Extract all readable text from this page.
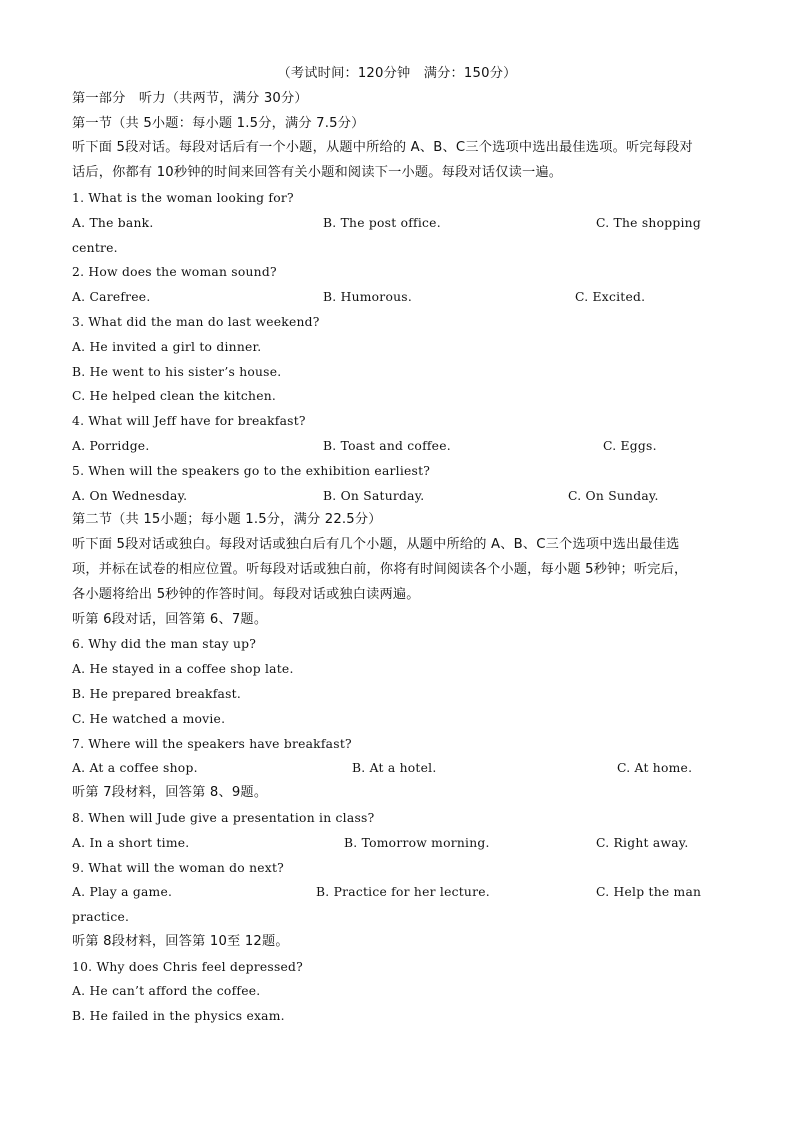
（考试时间：120分钟　满分：150分）
第一部分　听力（共两节，满分 30分）
第一节（共 5小题：每小题 1.5分，满分 7.5分）
听下面 5段对话。每段对话后有一个小题，从题中所给的 A、B、C三个选项中选出最佳选项。听完每段对
话后，你都有 10秒钟的时间来回答有关小题和阅读下一小题。每段对话仅读一遍。
1. What is the woman looking for?
A. The bank.	B. The post office.	C. The shopping
centre.
2. How does the woman sound?
A. Carefree.	B. Humorous.	C. Excited.
3. What did the man do last weekend?
A. He invited a girl to dinner.
B. He went to his sister’s house.
C. He helped clean the kitchen.
4. What will Jeff have for breakfast?
A. Porridge.	B. Toast and coffee.	C. Eggs.
5. When will the speakers go to the exhibition earliest?
A. On Wednesday.	B. On Saturday.	C. On Sunday.
第二节（共 15小题；每小题 1.5分，满分 22.5分）
听下面 5段对话或独白。每段对话或独白后有几个小题，从题中所给的 A、B、C三个选项中选出最佳选
项，并标在试卷的相应位置。听每段对话或独白前，你将有时间阅读各个小题，每小题 5秒钟；听完后，
各小题将给出 5秒钟的作答时间。每段对话或独白读两遍。
听第 6段对话，回答第 6、7题。
6. Why did the man stay up?
A. He stayed in a coffee shop late.
B. He prepared breakfast.
C. He watched a movie.
7. Where will the speakers have breakfast?
A. At a coffee shop.	B. At a hotel.	C. At home.
听第 7段材料，回答第 8、9题。
8. When will Jude give a presentation in class?
A. In a short time.	B. Tomorrow morning.	C. Right away.
9. What will the woman do next?
A. Play a game.	B. Practice for her lecture.	C. Help the man
practice.
听第 8段材料，回答第 10至 12题。
10. Why does Chris feel depressed?
A. He can’t afford the coffee.
B. He failed in the physics exam.
